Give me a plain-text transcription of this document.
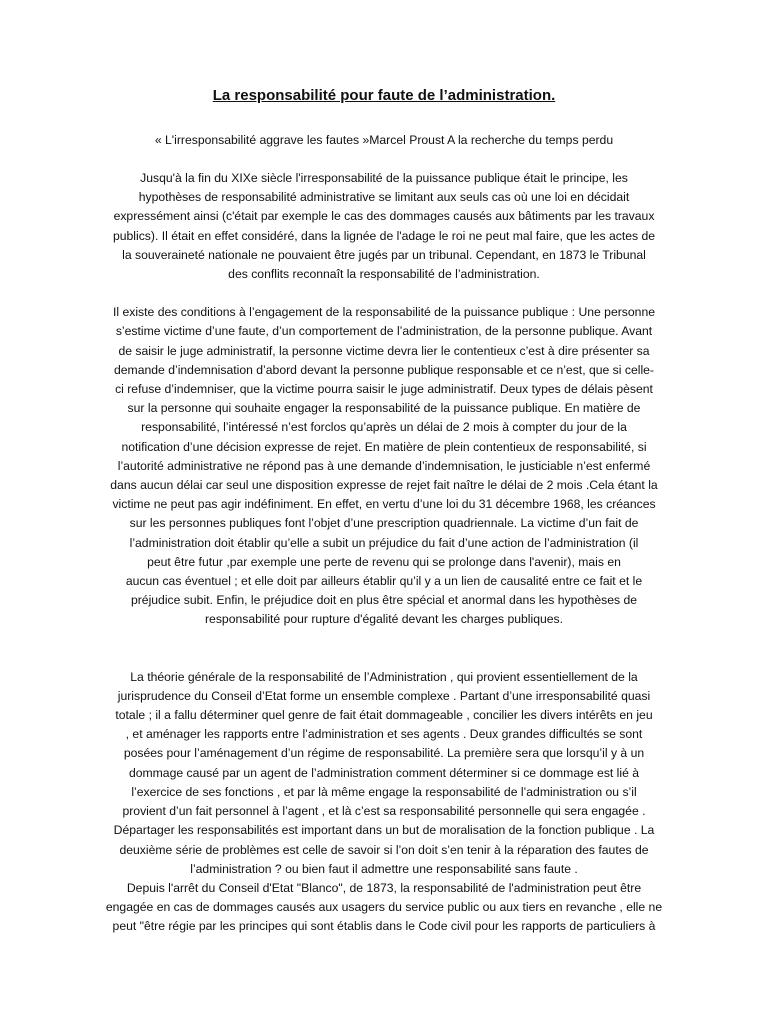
La responsabilité pour faute de l’administration.
« L'irresponsabilité aggrave les fautes »Marcel Proust A la recherche du temps perdu
Jusqu'à la fin du XIXe siècle l'irresponsabilité de la puissance publique était le principe, les
hypothèses de responsabilité administrative se limitant aux seuls cas où une loi en décidait
expressément ainsi (c'était par exemple le cas des dommages causés aux bâtiments par les travaux
publics). Il était en effet considéré, dans la lignée de l'adage le roi ne peut mal faire, que les actes de
la souveraineté nationale ne pouvaient être jugés par un tribunal. Cependant, en 1873 le Tribunal
des conflits reconnaît la responsabilité de l’administration.
Il existe des conditions à l’engagement de la responsabilité de la puissance publique : Une personne
s’estime victime d’une faute, d’un comportement de l’administration, de la personne publique. Avant
de saisir le juge administratif, la personne victime devra lier le contentieux c’est à dire présenter sa
demande d’indemnisation d’abord devant la personne publique responsable et ce n’est, que si celle-
ci refuse d’indemniser, que la victime pourra saisir le juge administratif. Deux types de délais pèsent
sur la personne qui souhaite engager la responsabilité de la puissance publique. En matière de
responsabilité, l’intéressé n’est forclos qu’après un délai de 2 mois à compter du jour de la
notification d’une décision expresse de rejet. En matière de plein contentieux de responsabilité, si
l’autorité administrative ne répond pas à une demande d’indemnisation, le justiciable n’est enfermé
dans aucun délai car seul une disposition expresse de rejet fait naître le délai de 2 mois .Cela étant la
victime ne peut pas agir indéfiniment. En effet, en vertu d’une loi du 31 décembre 1968, les créances
sur les personnes publiques font l’objet d’une prescription quadriennale. La victime d’un fait de
l’administration doit établir qu’elle a subit un préjudice du fait d’une action de l’administration (il
peut être futur ,par exemple une perte de revenu qui se prolonge dans l'avenir), mais en
aucun cas éventuel ; et elle doit par ailleurs établir qu’il y a un lien de causalité entre ce fait et le
préjudice subit. Enfin, le préjudice doit en plus être spécial et anormal dans les hypothèses de
responsabilité pour rupture d'égalité devant les charges publiques.
La théorie générale de la responsabilité de l’Administration , qui provient essentiellement de la
jurisprudence du Conseil d’Etat forme un ensemble complexe . Partant d’une irresponsabilité quasi
totale ; il a fallu déterminer quel genre de fait était dommageable , concilier les divers intérêts en jeu
, et aménager les rapports entre l’administration et ses agents . Deux grandes difficultés se sont
posées pour l’aménagement d’un régime de responsabilité. La première sera que lorsqu’il y à un
dommage causé par un agent de l’administration comment déterminer si ce dommage est lié à
l’exercice de ses fonctions , et par là même engage la responsabilité de l’administration ou s’il
provient d’un fait personnel à l’agent , et là c’est sa responsabilité personnelle qui sera engagée .
Départager les responsabilités est important dans un but de moralisation de la fonction publique . La
deuxième série de problèmes est celle de savoir si l’on doit s’en tenir à la réparation des fautes de
l’administration ? ou bien faut il admettre une responsabilité sans faute .
Depuis l'arrêt du Conseil d'Etat "Blanco", de 1873, la responsabilité de l'administration peut être
engagée en cas de dommages causés aux usagers du service public ou aux tiers en revanche , elle ne
peut "être régie par les principes qui sont établis dans le Code civil pour les rapports de particuliers à
